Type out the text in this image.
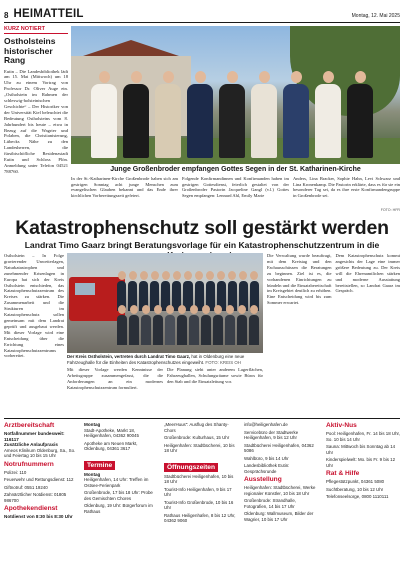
8 HEIMATTEIL	Montag, 12. Mai 2025
KURZ NOTIERT
Ostholsteins historischer Rang
Eutin – Die Landesbibliothek lädt am 15. Mai (Mittwoch) um 18 Uhr zu einem Vortrag von Professor Dr. Oliver Auge ein. „Ostholstein im Rahmen der schleswig-holsteinischen Geschichte“ – Der Historiker von der Universität Kiel beleuchtet die Bedeutung Ostholsteins vom 8. Jahrhundert bis heute – etwa in Bezug auf die Wagrier und Polaben, die Christianisierung, Lübecks Nähe zu den Landesherren, die fürstbischöfliche Residenzstadt Eutin und Schloss Plön. Anmeldung unter Telefon 04521 788760.	Junge Großenbroder empfangen Gottes Segen in der St. Katharinen-Kirche

In der St.-Katharinen-Kirche Großenbrode haben sich am gestrigen Sonntag acht junge Menschen zum evangelischen Glauben bekannt und das Ende ihrer kirchlichen Vorbereitungszeit gefeiert.

Folgende Konfirmandinnen und Konfirmanden haben im gestrigen Gottesdienst, feierlich gestaltet von der Großenbroder Pastorin Jacqueline Gangl (v.l.) Gottes Segen empfangen: Lennard Ahl, Emily Marie

Anders, Lina Bracker, Sophie Hahn, Levi Schwarz und Lina Kronenkamp. Die Pastorin erklärte, dass es für sie ein besonderer Tag sei, da es ihre erste Konfirmandengruppe in Großenbrode sei.

FOTO: HFR
Katastrophenschutz soll gestärkt werden
Landrat Timo Gaarz bringt Beratungsvorlage für ein Katastrophenschutzzentrum in die

Ostholstein – In Folge gravierender Unwetterlagen, Naturkatastrophen und zunehmender Krisenlagen in Europa hat sich der Kreis Ostholstein entschieden, das Katastrophenschutzzentrum des Kreises zu stärken. Die Zusammenarbeit und die Strukturen im Katastrophenschutz sollen gemeinsam mit dem Landrat geprüft und ausgebaut werden. Mit dieser Vorlage wird eine Entscheidung über die Errichtung eines Katastrophenschutzzentrums vorbereitet.	Der Kreis Ostholstein, vertreten durch Landrat Timo Gaarz, hat in Oldenburg eine neue Fahrzeughalle für die Einheiten des Katastrophenschutzes eingeweiht. FOTO: KREIS OH

Mit dieser Vorlage werden Kenntnisse der Arbeitsgruppe zusammengefasst, die die Anforderungen an ein modernes Katastrophenschutzzentrum formuliert.

Die Planung sieht unter anderem Lagerflächen, Fahrzeughallen, Schulungsräume sowie Büros für den Stab und die Einsatzleitung vor.

Die Verwaltung wurde beauftragt, mit dem Kreistag und den Fachausschüssen die Beratungen zu beginnen. Ziel ist es, die vorhandenen Einrichtungen zu bündeln und die Einsatzbereitschaft im Kreisgebiet deutlich zu erhöhen. Eine Entscheidung wird bis zum Sommer erwartet.

Dem Katastrophenschutz kommt angesichts der Lage eine immer größere Bedeutung zu. Der Kreis will die Ehrenamtlichen stärken und moderne Ausstattung bereitstellen, so Landrat Gaarz im Gespräch.

Arztbereitschaft
Notfallnummer bundesweit: 116117
Zusätzliche Anlaufpraxis
Ameos Klinikum Oldenburg, Sa., So. und Feiertag 10 bis 15 Uhr
Notrufnummern
Polizei: 110
Feuerwehr und Rettungsdienst: 112
Giftnotruf: 0551 19240
Zahnärztlicher Notdienst: 01805 986700
Apothekendienst
Notdienst von 8:30 bis 8:30 Uhr
Montag
Stadt-Apotheke, Markt 18, Heiligenhafen, 04362 90045
Apotheke am Neuen Markt, Oldenburg, 04361 3617
Termine
Montag
Heiligenhafen, 14 Uhr: Treffen im Ostsee-Ferienpark
Großenbrode, 17 bis 18 Uhr: Probe des Gemischten Chores
Oldenburg, 19 Uhr: Bürgerforum im Rathaus
„MeerHuus“: Ausflug des Shanty-Chors
Großenbrode: Kulturhaus, 15 Uhr
Heiligenhafen: Stadtbücherei, 10 bis 18 Uhr
Öffnungszeiten
Stadtbücherei Heiligenhafen, 10 bis 18 Uhr
Tourist-Info Heiligenhafen, 9 bis 17 Uhr
Tourist-Info Großenbrode, 10 bis 16 Uhr
Rathaus Heiligenhafen, 8 bis 12 Uhr, 04362 9060
info@heiligenhafen.de
Servicebüro der Stadtwerke Heiligenhafen, 9 bis 12 Uhr
Stadtbücherei Heiligenhafen, 04362 5086
Wahlbüro, 9 bis 14 Uhr
Landesbibliothek Eutin: Gesprächsrunde
Ausstellung
Heiligenhafen: Stadtbücherei, Werke regionaler Künstler, 10 bis 18 Uhr
Großenbrode: Strandhalle, Fotografien, 14 bis 17 Uhr
Oldenburg: Wallmuseum, Bilder der Wagrier, 10 bis 17 Uhr
Aktiv-Nus
Pool: Heiligenhafen, Fr. 14 bis 18 Uhr, So. 10 bis 14 Uhr
Sauna: Mittwoch bis Sonntag ab 14 Uhr
Kinderspielwelt: Mo. bis Fr. 9 bis 12 Uhr
Rat & Hilfe
Pflegestützpunkt, 04361 5080
Suchtberatung, 10 bis 12 Uhr
Telefonseelsorge, 0800 1110111
